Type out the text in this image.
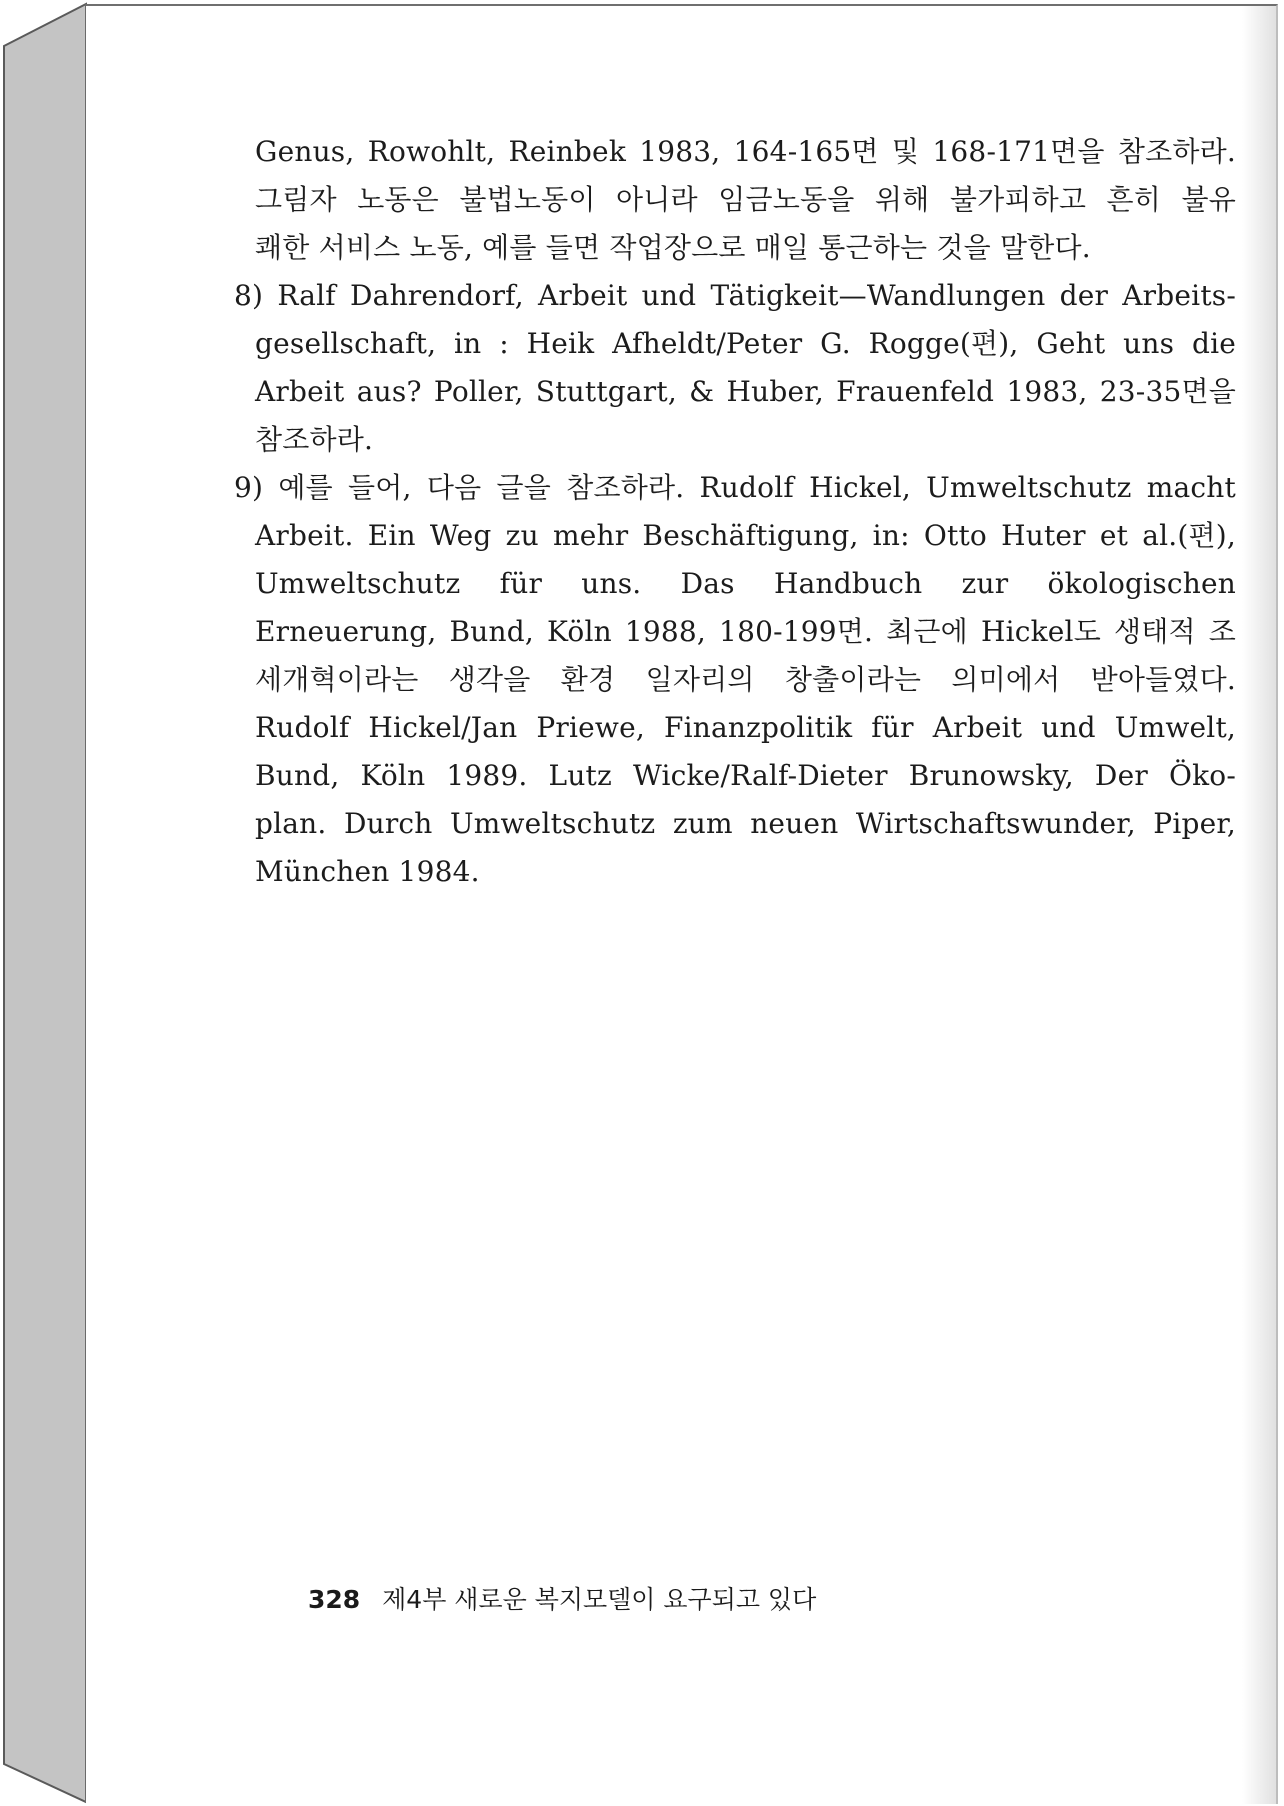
Genus, Rowohlt, Reinbek 1983, 164-165면 및 168-171면을 참조하라.
그림자 노동은 불법노동이 아니라 임금노동을 위해 불가피하고 흔히 불유
쾌한 서비스 노동, 예를 들면 작업장으로 매일 통근하는 것을 말한다.
8) Ralf Dahrendorf, Arbeit und Tätigkeit—Wandlungen der Arbeits-
gesellschaft, in : Heik Afheldt/Peter G. Rogge(편), Geht uns die
Arbeit aus? Poller, Stuttgart, & Huber, Frauenfeld 1983, 23-35면을
참조하라.
9) 예를 들어, 다음 글을 참조하라. Rudolf Hickel, Umweltschutz macht
Arbeit. Ein Weg zu mehr Beschäftigung, in: Otto Huter et al.(편),
Umweltschutz für uns. Das Handbuch zur ökologischen
Erneuerung, Bund, Köln 1988, 180-199면. 최근에 Hickel도 생태적 조
세개혁이라는 생각을 환경 일자리의 창출이라는 의미에서 받아들였다.
Rudolf Hickel/Jan Priewe, Finanzpolitik für Arbeit und Umwelt,
Bund, Köln 1989. Lutz Wicke/Ralf-Dieter Brunowsky, Der Öko-
plan. Durch Umweltschutz zum neuen Wirtschaftswunder, Piper,
München 1984.
328 제4부 새로운 복지모델이 요구되고 있다
